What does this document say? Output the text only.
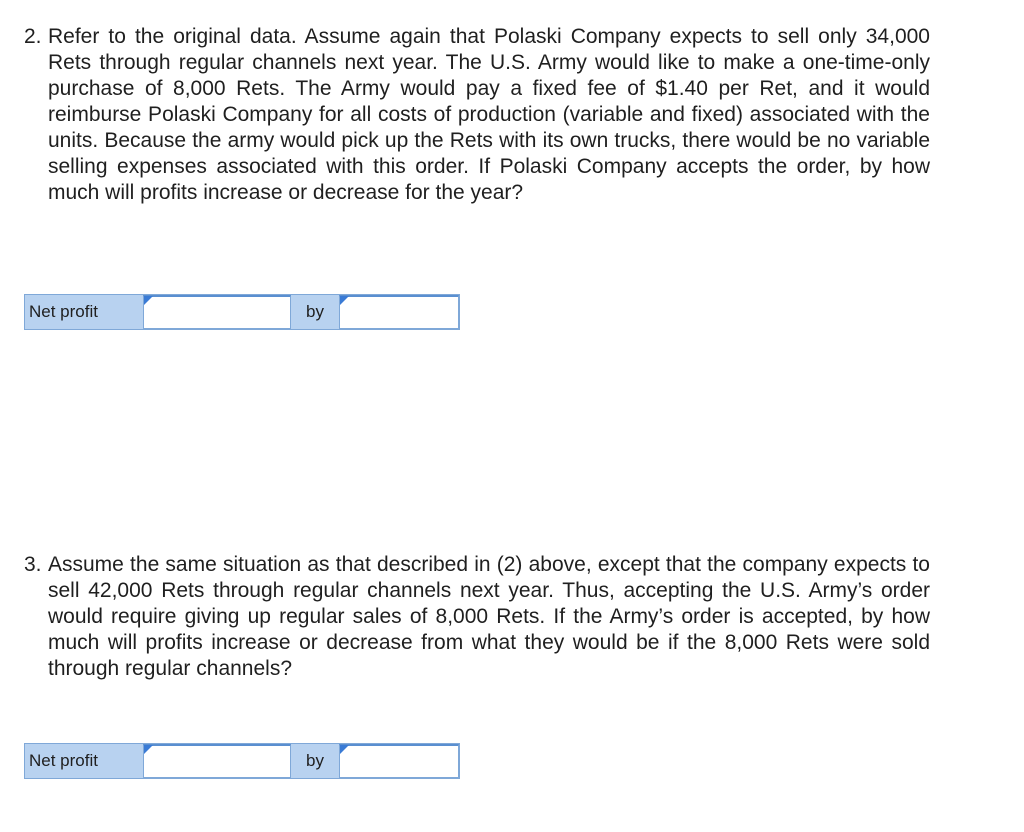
2. Refer to the original data. Assume again that Polaski Company expects to sell only 34,000 Rets through regular channels next year. The U.S. Army would like to make a one-time-only purchase of 8,000 Rets. The Army would pay a fixed fee of $1.40 per Ret, and it would reimburse Polaski Company for all costs of production (variable and fixed) associated with the units. Because the army would pick up the Rets with its own trucks, there would be no variable selling expenses associated with this order. If Polaski Company accepts the order, by how much will profits increase or decrease for the year?
Net profit	by
3. Assume the same situation as that described in (2) above, except that the company expects to sell 42,000 Rets through regular channels next year. Thus, accepting the U.S. Army’s order would require giving up regular sales of 8,000 Rets. If the Army’s order is accepted, by how much will profits increase or decrease from what they would be if the 8,000 Rets were sold through regular channels?
Net profit	by
